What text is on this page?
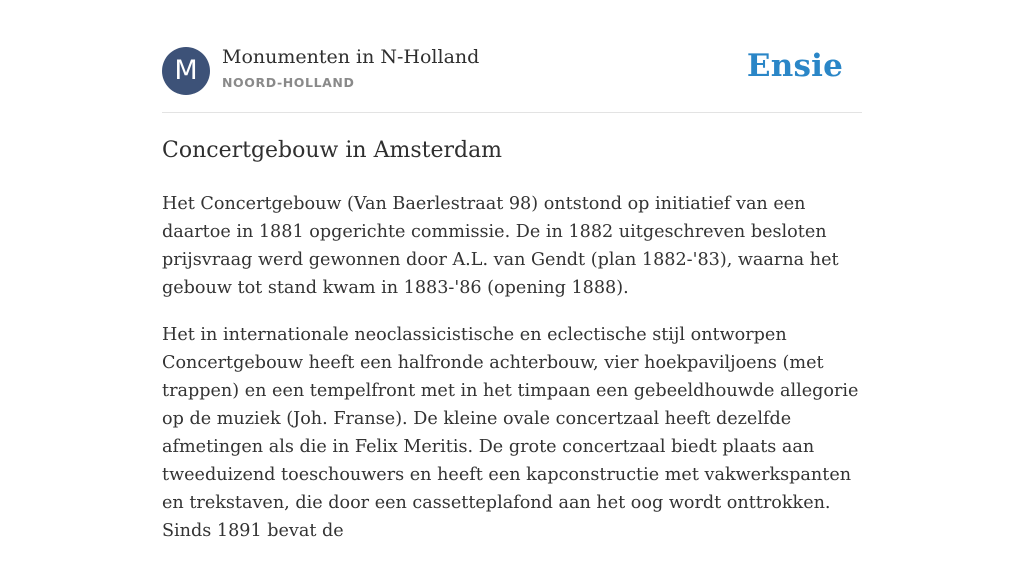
M	Monumenten in N-Holland
NOORD-HOLLAND	Ensie
Concertgebouw in Amsterdam

Het Concertgebouw (Van Baerlestraat 98) ontstond op initiatief van een daartoe in 1881 opgerichte commissie. De in 1882 uitgeschreven besloten prijsvraag werd gewonnen door A.L. van Gendt (plan 1882-'83), waarna het gebouw tot stand kwam in 1883-'86 (opening 1888).

Het in internationale neoclassicistische en eclectische stijl ontworpen Concertgebouw heeft een halfronde achterbouw, vier hoekpaviljoens (met trappen) en een tempelfront met in het timpaan een gebeeldhouwde allegorie op de muziek (Joh. Franse). De kleine ovale concertzaal heeft dezelfde afmetingen als die in Felix Meritis. De grote concertzaal biedt plaats aan tweeduizend toeschouwers en heeft een kapconstructie met vakwerkspanten en trekstaven, die door een cassetteplafond aan het oog wordt onttrokken. Sinds 1891 bevat de
